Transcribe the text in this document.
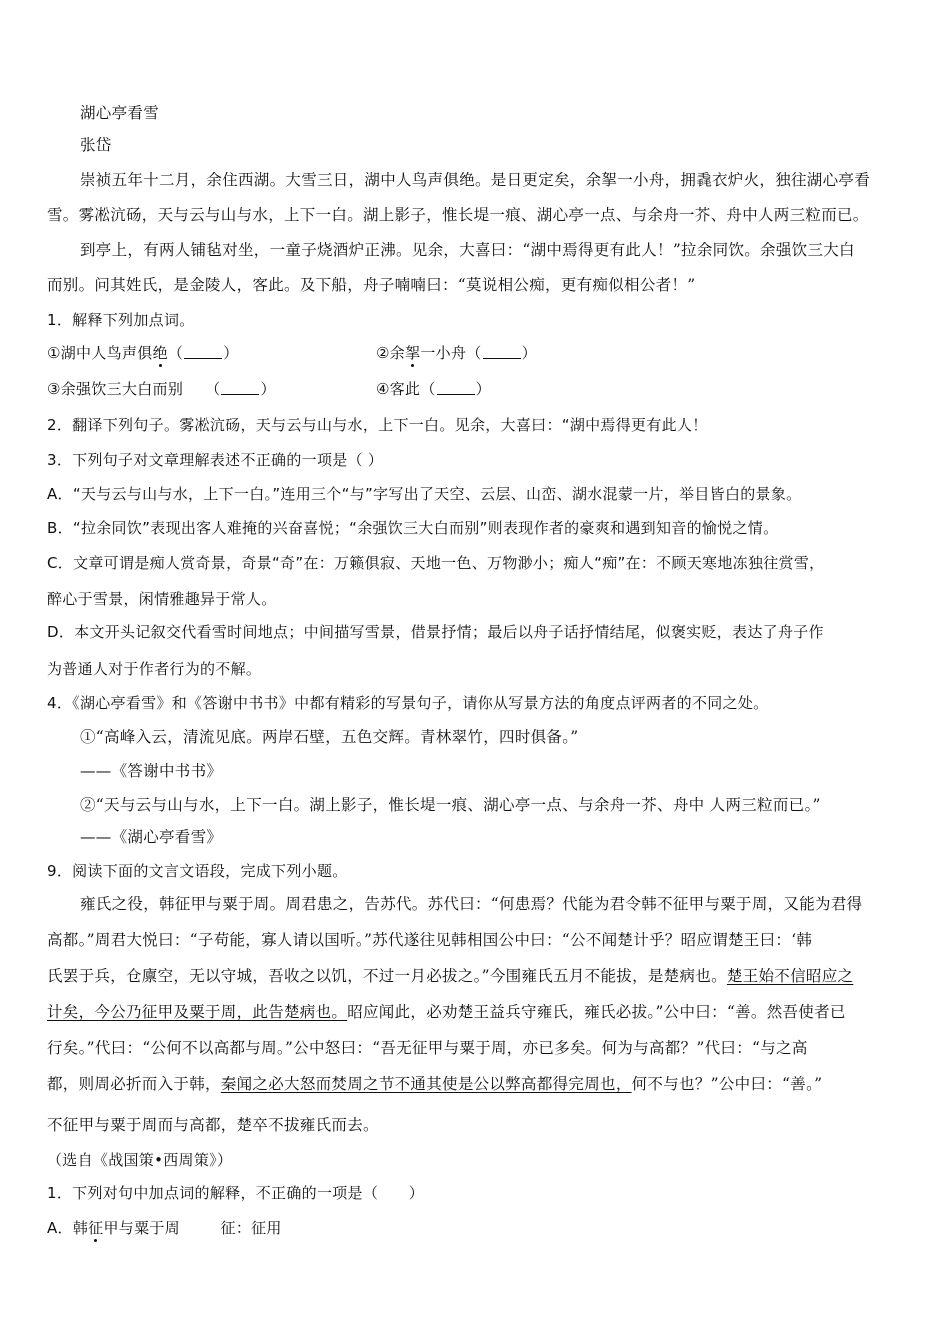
湖心亭看雪
张岱
崇祯五年十二月，余住西湖。大雪三日，湖中人鸟声俱绝。是日更定矣，余挐一小舟，拥毳衣炉火，独往湖心亭看
雪。雾凇沆砀，天与云与山与水，上下一白。湖上影子，惟长堤一痕、湖心亭一点、与余舟一芥、舟中人两三粒而已。
到亭上，有两人铺毡对坐，一童子烧酒炉正沸。见余，大喜曰：“湖中焉得更有此人！”拉余同饮。余强饮三大白
而别。问其姓氏，是金陵人，客此。及下船，舟子喃喃曰：“莫说相公痴，更有痴似相公者！”
1．解释下列加点词。
①湖中人鸟声俱绝（	）	②余挐一小舟（	）
③余强饮三大白而别 （	）	④客此（	）
2．翻译下列句子。雾凇沆砀，天与云与山与水，上下一白。见余，大喜曰：“湖中焉得更有此人！
3．下列句子对文章理解表述不正确的一项是（ ）
A．“天与云与山与水，上下一白。”连用三个“与”字写出了天空、云层、山峦、湖水混蒙一片，举目皆白的景象。
B．“拉余同饮”表现出客人难掩的兴奋喜悦；“余强饮三大白而别”则表现作者的豪爽和遇到知音的愉悦之情。
C．文章可谓是痴人赏奇景，奇景“奇”在：万籁俱寂、天地一色、万物渺小；痴人“痴”在：不顾天寒地冻独往赏雪，
醉心于雪景，闲情雅趣异于常人。
D．本文开头记叙交代看雪时间地点；中间描写雪景，借景抒情；最后以舟子话抒情结尾，似褒实贬，表达了舟子作
为普通人对于作者行为的不解。
4．《湖心亭看雪》和《答谢中书书》中都有精彩的写景句子，请你从写景方法的角度点评两者的不同之处。
①“高峰入云，清流见底。两岸石壁，五色交辉。青林翠竹，四时俱备。”
——《答谢中书书》
②“天与云与山与水，上下一白。湖上影子，惟长堤一痕、湖心亭一点、与余舟一芥、舟中 人两三粒而已。”
——《湖心亭看雪》
9．阅读下面的文言文语段，完成下列小题。
雍氏之役，韩征甲与粟于周。周君患之，告苏代。苏代曰：“何患焉？代能为君令韩不征甲与粟于周，又能为君得
高都。”周君大悦曰：“子苟能，寡人请以国听。”苏代遂往见韩相国公中曰：“公不闻楚计乎？昭应谓楚王曰：‘韩
氏罢于兵，仓廪空，无以守城，吾收之以饥，不过一月必拔之。”今围雍氏五月不能拔，是楚病也。楚王始不信昭应之
计矣，今公乃征甲及粟于周，此告楚病也。昭应闻此，必劝楚王益兵守雍氏，雍氏必拔。”公中曰：“善。然吾使者已
行矣。”代曰：“公何不以高都与周。”公中怒曰：“吾无征甲与粟于周，亦已多矣。何为与高都？”代曰：“与之高
都，则周必折而入于韩，秦闻之必大怒而焚周之节不通其使是公以弊高都得完周也，何不与也？”公中曰：“善。”
不征甲与粟于周而与高都，楚卒不拔雍氏而去。
（选自《战国策•西周策》）
1．下列对句中加点词的解释，不正确的一项是（　　）
A．韩征甲与粟于周        征：征用
